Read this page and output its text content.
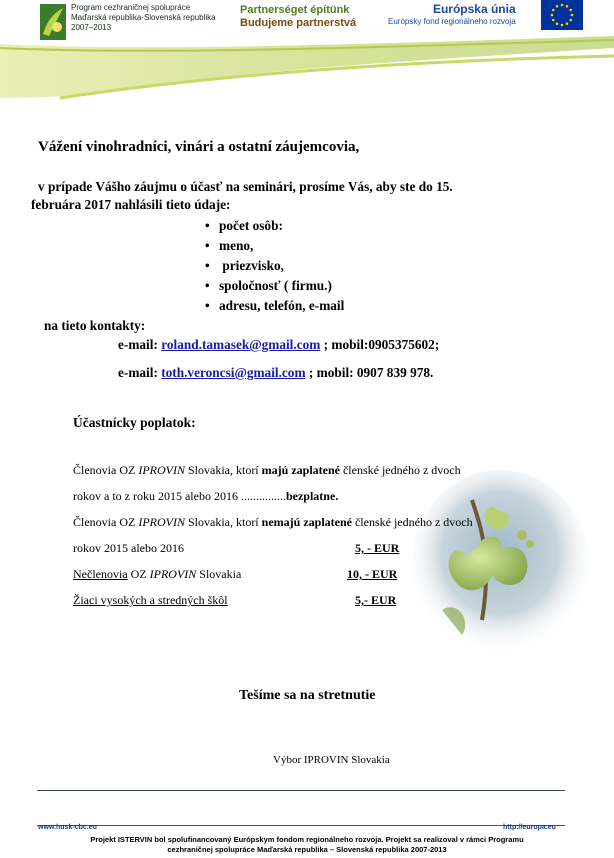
Program cezhraničnej spolupráce
Maďarská republika-Slovenská republika
2007–2013
Partnerséget építünk
Budujeme partnerstvá
Európska únia
Európsky fond regionálneho rozvoja
Vážení vinohradníci, vinári a ostatní záujemcovia,
v prípade Vášho záujmu o účasť na seminári, prosíme Vás, aby ste do 15.
februára 2017 nahlásili tieto údaje:
• počet osôb:
• meno,
• priezvisko,
• spoločnosť ( firmu.)
• adresu, telefón, e-mail
na tieto kontakty:
e-mail: roland.tamasek@gmail.com ; mobil:0905375602;
e-mail: toth.veroncsi@gmail.com ; mobil: 0907 839 978.
Účastnícky poplatok:
Členovia OZ IPROVIN Slovakia, ktorí majú zaplatené členské jedného z dvoch
rokov a to z roku 2015 alebo 2016 ...............bezplatne.
Členovia OZ IPROVIN Slovakia, ktorí nemajú zaplatené členské jedného z dvoch
rokov 2015 alebo 2016	5, - EUR
Nečlenovia OZ IPROVIN Slovakia	10, - EUR
Žiaci vysokých a stredných škôl	5,- EUR
Tešíme sa na stretnutie
Výbor IPROVIN Slovakia
www.husk-cbc.eu	http://europa.eu
Projekt ISTERVIN bol spolufinancovaný Európskym fondom regionálneho rozvoja. Projekt sa realizoval v rámci Programu
cezhraničnej spolupráce Maďarská republika – Slovenská republika 2007-2013
